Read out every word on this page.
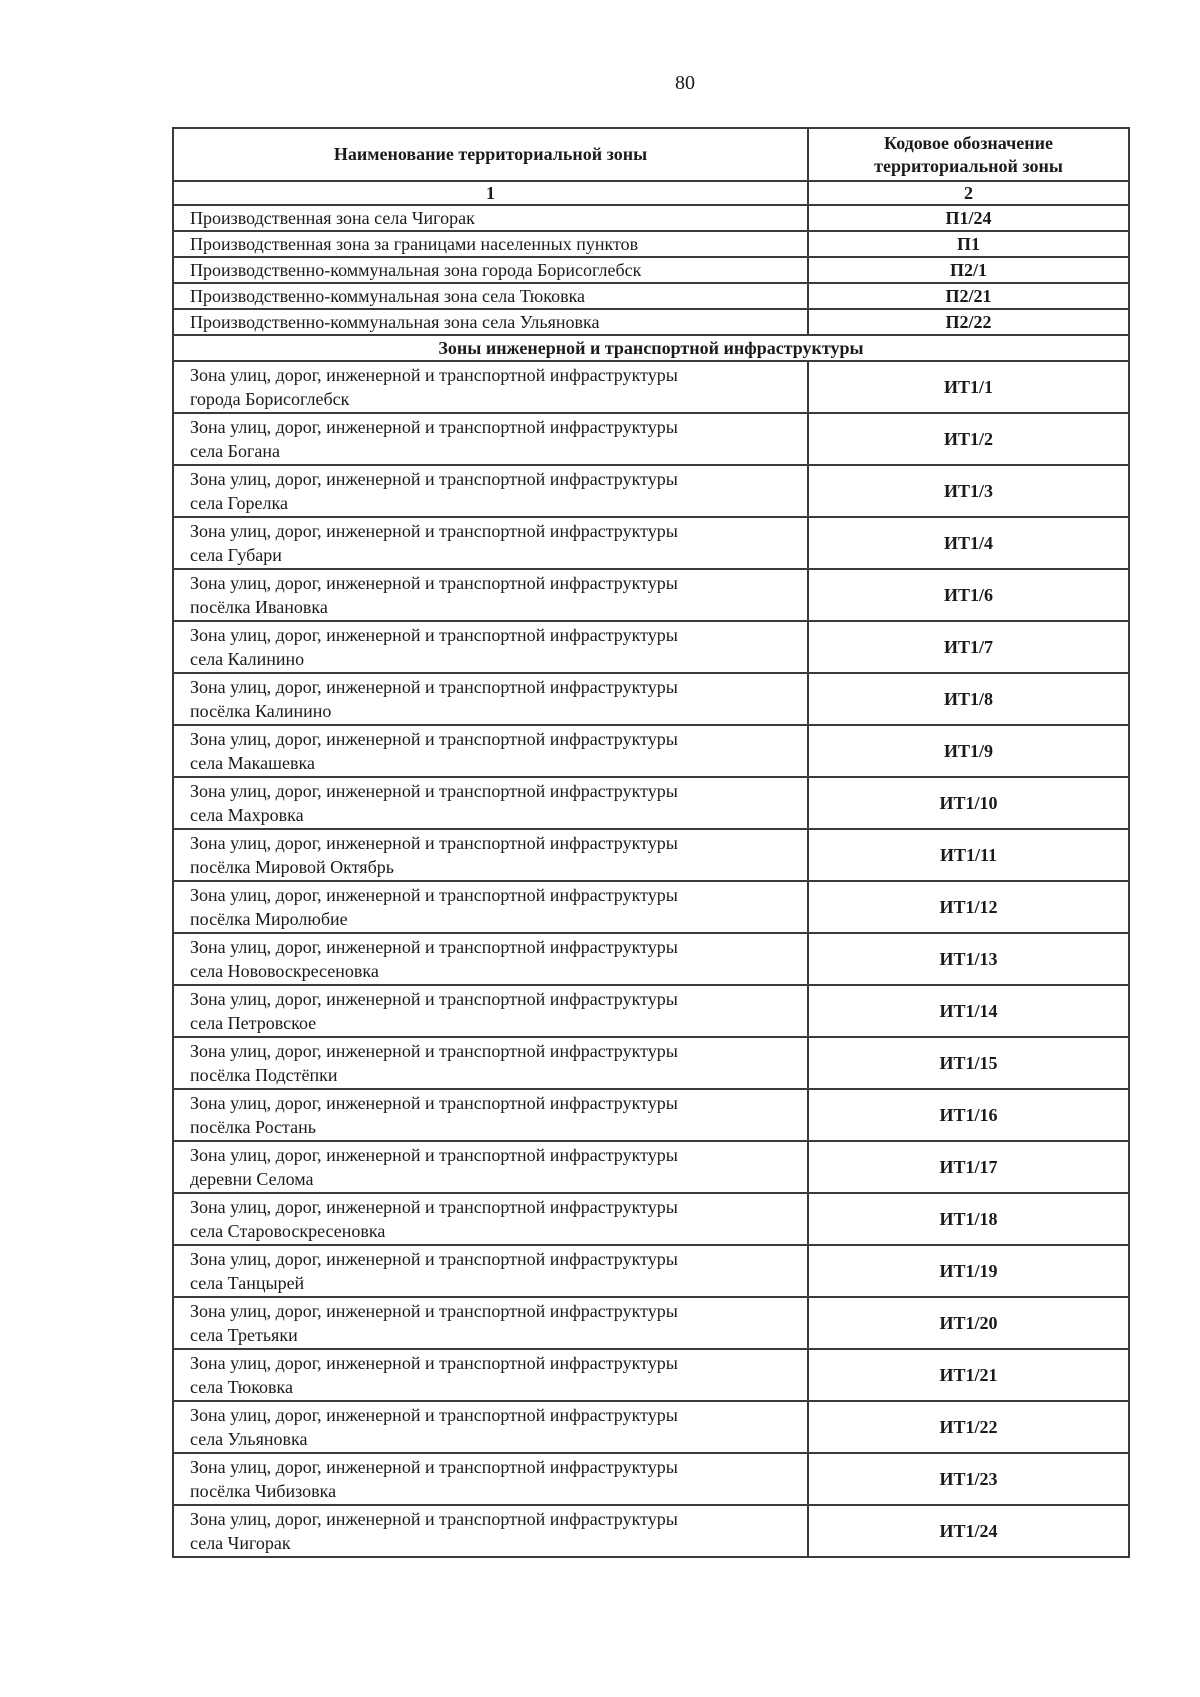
80
Наименование территориальной зоны	Кодовое обозначение территориальной зоны
1	2
Производственная зона села Чигорак	П1/24
Производственная зона за границами населенных пунктов	П1
Производственно-коммунальная зона города Борисоглебск	П2/1
Производственно-коммунальная зона села Тюковка	П2/21
Производственно-коммунальная зона села Ульяновка	П2/22
Зоны инженерной и транспортной инфраструктуры	

Зона улиц, дорог, инженерной и транспортной инфраструктуры
города Борисоглебск	ИТ1/1

Зона улиц, дорог, инженерной и транспортной инфраструктуры
села Богана	ИТ1/2

Зона улиц, дорог, инженерной и транспортной инфраструктуры
села Горелка	ИТ1/3

Зона улиц, дорог, инженерной и транспортной инфраструктуры
села Губари	ИТ1/4

Зона улиц, дорог, инженерной и транспортной инфраструктуры
посёлка Ивановка	ИТ1/6

Зона улиц, дорог, инженерной и транспортной инфраструктуры
села Калинино	ИТ1/7

Зона улиц, дорог, инженерной и транспортной инфраструктуры
посёлка Калинино	ИТ1/8

Зона улиц, дорог, инженерной и транспортной инфраструктуры
села Макашевка	ИТ1/9

Зона улиц, дорог, инженерной и транспортной инфраструктуры
села Махровка	ИТ1/10

Зона улиц, дорог, инженерной и транспортной инфраструктуры
посёлка Мировой Октябрь	ИТ1/11

Зона улиц, дорог, инженерной и транспортной инфраструктуры
посёлка Миролюбие	ИТ1/12

Зона улиц, дорог, инженерной и транспортной инфраструктуры
села Нововоскресеновка	ИТ1/13

Зона улиц, дорог, инженерной и транспортной инфраструктуры
села Петровское	ИТ1/14

Зона улиц, дорог, инженерной и транспортной инфраструктуры
посёлка Подстёпки	ИТ1/15

Зона улиц, дорог, инженерной и транспортной инфраструктуры
посёлка Ростань	ИТ1/16

Зона улиц, дорог, инженерной и транспортной инфраструктуры
деревни Селома	ИТ1/17

Зона улиц, дорог, инженерной и транспортной инфраструктуры
села Старовоскресеновка	ИТ1/18

Зона улиц, дорог, инженерной и транспортной инфраструктуры
села Танцырей	ИТ1/19

Зона улиц, дорог, инженерной и транспортной инфраструктуры
села Третьяки	ИТ1/20

Зона улиц, дорог, инженерной и транспортной инфраструктуры
села Тюковка	ИТ1/21

Зона улиц, дорог, инженерной и транспортной инфраструктуры
села Ульяновка	ИТ1/22

Зона улиц, дорог, инженерной и транспортной инфраструктуры
посёлка Чибизовка	ИТ1/23

Зона улиц, дорог, инженерной и транспортной инфраструктуры
села Чигорак	ИТ1/24
